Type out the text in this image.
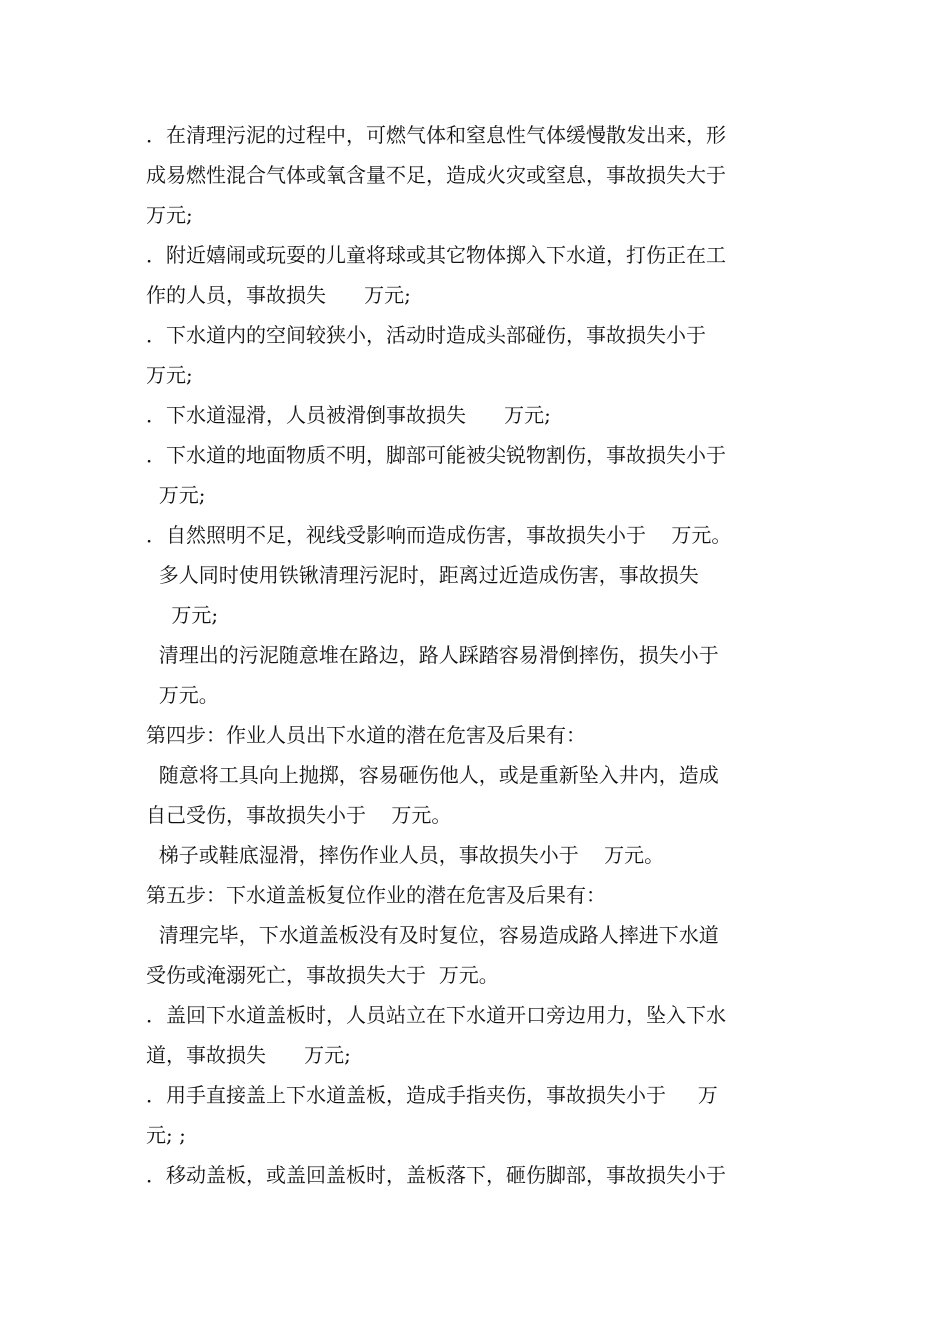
．在清理污泥的过程中，可燃气体和窒息性气体缓慢散发出来，形
成易燃性混合气体或氧含量不足，造成火灾或窒息，事故损失大于
万元;
．附近嬉闹或玩耍的儿童将球或其它物体掷入下水道，打伤正在工
作的人员，事故损失      万元;
．下水道内的空间较狭小，活动时造成头部碰伤，事故损失小于
万元;
．下水道湿滑，人员被滑倒事故损失      万元;
．下水道的地面物质不明，脚部可能被尖锐物割伤，事故损失小于
万元;
．自然照明不足，视线受影响而造成伤害，事故损失小于    万元。
多人同时使用铁锹清理污泥时，距离过近造成伤害，事故损失
万元;
清理出的污泥随意堆在路边，路人踩踏容易滑倒摔伤，损失小于
万元。
第四步：作业人员出下水道的潜在危害及后果有：
随意将工具向上抛掷，容易砸伤他人，或是重新坠入井内，造成
自己受伤，事故损失小于    万元。
梯子或鞋底湿滑，摔伤作业人员，事故损失小于    万元。
第五步：下水道盖板复位作业的潜在危害及后果有：
清理完毕，下水道盖板没有及时复位，容易造成路人摔进下水道
受伤或淹溺死亡，事故损失大于  万元。
．盖回下水道盖板时，人员站立在下水道开口旁边用力，坠入下水
道，事故损失      万元;
．用手直接盖上下水道盖板，造成手指夹伤，事故损失小于     万
元; ;
．移动盖板，或盖回盖板时，盖板落下，砸伤脚部，事故损失小于
